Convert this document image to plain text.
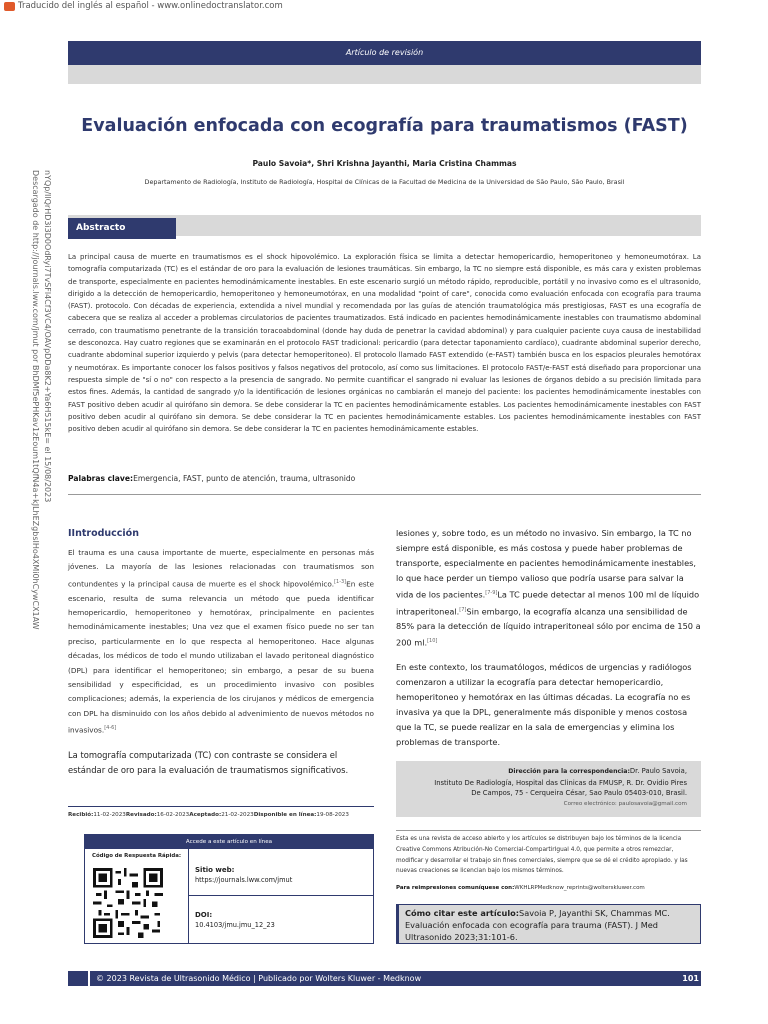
Traducido del inglés al español - www.onlinedoctranslator.com
Descargado de http://journals.lww.com/jmut por BhDMf5ePHKav1zEoum1tQfN4a+kJLhEZgbsIHo4XMi0hCywCX1AW nYQp/IlQrHD3i3D0OdRyi7TvSFl4Cf3VC4/OAVpDDa8K2+Ya6H515kE= el 15/08/2023
Artículo de revisión
Evaluación enfocada con ecografía para traumatismos (FAST)
Paulo Savoia*, Shri Krishna Jayanthi, Maria Cristina Chammas
Departamento de Radiología, Instituto de Radiología, Hospital de Clínicas de la Facultad de Medicina de la Universidad de São Paulo, São Paulo, Brasil
Abstracto

La principal causa de muerte en traumatismos es el shock hipovolémico. La exploración física se limita a detectar hemopericardio, hemoperitoneo y hemoneumotórax. La tomografía computarizada (TC) es el estándar de oro para la evaluación de lesiones traumáticas. Sin embargo, la TC no siempre está disponible, es más cara y existen problemas de transporte, especialmente en pacientes hemodinámicamente inestables. En este escenario surgió un método rápido, reproducible, portátil y no invasivo como es el ultrasonido, dirigido a la detección de hemopericardio, hemoperitoneo y hemoneumotórax, en una modalidad "point of care", conocida como evaluación enfocada con ecografía para trauma (FAST). protocolo. Con décadas de experiencia, extendida a nivel mundial y recomendada por las guías de atención traumatológica más prestigiosas, FAST es una ecografía de cabecera que se realiza al acceder a problemas circulatorios de pacientes traumatizados. Está indicado en pacientes hemodinámicamente inestables con traumatismo abdominal cerrado, con traumatismo penetrante de la transición toracoabdominal (donde hay duda de penetrar la cavidad abdominal) y para cualquier paciente cuya causa de inestabilidad se desconozca. Hay cuatro regiones que se examinarán en el protocolo FAST tradicional: pericardio (para detectar taponamiento cardíaco), cuadrante abdominal superior derecho, cuadrante abdominal superior izquierdo y pelvis (para detectar hemoperitoneo). El protocolo llamado FAST extendido (e-FAST) también busca en los espacios pleurales hemotórax y neumotórax. Es importante conocer los falsos positivos y falsos negativos del protocolo, así como sus limitaciones. El protocolo FAST/e-FAST está diseñado para proporcionar una respuesta simple de "sí o no" con respecto a la presencia de sangrado. No permite cuantificar el sangrado ni evaluar las lesiones de órganos debido a su precisión limitada para estos fines. Además, la cantidad de sangrado y/o la identificación de lesiones orgánicas no cambiarán el manejo del paciente: los pacientes hemodinámicamente inestables con FAST positivo deben acudir al quirófano sin demora. Se debe considerar la TC en pacientes hemodinámicamente estables. Los pacientes hemodinámicamente inestables con FAST positivo deben acudir al quirófano sin demora. Se debe considerar la TC en pacientes hemodinámicamente estables. Los pacientes hemodinámicamente inestables con FAST positivo deben acudir al quirófano sin demora. Se debe considerar la TC en pacientes hemodinámicamente estables.

Palabras clave:Emergencia, FAST, punto de atención, trauma, ultrasonido
IIntroducción

El trauma es una causa importante de muerte, especialmente en personas más jóvenes. La mayoría de las lesiones relacionadas con traumatismos son contundentes y la principal causa de muerte es el shock hipovolémico.[1-3]En este escenario, resulta de suma relevancia un método que pueda identificar hemopericardio, hemoperitoneo y hemotórax, principalmente en pacientes hemodinámicamente inestables; Una vez que el examen físico puede no ser tan preciso, particularmente en lo que respecta al hemoperitoneo. Hace algunas décadas, los médicos de todo el mundo utilizaban el lavado peritoneal diagnóstico (DPL) para identificar el hemoperitoneo; sin embargo, a pesar de su buena sensibilidad y especificidad, es un procedimiento invasivo con posibles complicaciones; además, la experiencia de los cirujanos y médicos de emergencia con DPL ha disminuido con los años debido al advenimiento de nuevos métodos no invasivos.[4-6]

La tomografía computarizada (TC) con contraste se considera el estándar de oro para la evaluación de traumatismos significativos.

lesiones y, sobre todo, es un método no invasivo. Sin embargo, la TC no siempre está disponible, es más costosa y puede haber problemas de transporte, especialmente en pacientes hemodinámicamente inestables, lo que hace perder un tiempo valioso que podría usarse para salvar la vida de los pacientes.[7-9]La TC puede detectar al menos 100 ml de líquido intraperitoneal.[7]Sin embargo, la ecografía alcanza una sensibilidad de 85% para la detección de líquido intraperitoneal sólo por encima de 150 a 200 ml.[10]

En este contexto, los traumatólogos, médicos de urgencias y radiólogos comenzaron a utilizar la ecografía para detectar hemopericardio, hemoperitoneo y hemotórax en las últimas décadas. La ecografía no es invasiva ya que la DPL, generalmente más disponible y menos costosa que la TC, se puede realizar en la sala de emergencias y elimina los problemas de transporte.

Dirección para la correspondencia:Dr. Paulo Savoia,
Instituto De Radiología, Hospital das Clinicas da FMUSP, R. Dr. Ovidio Pires
De Campos, 75 - Cerqueira César, Sao Paulo 05403-010, Brasil.
Correo electrónico: paulosavoia@gmail.com
Recibió:11-02-2023Revisado:16-02-2023Aceptado:21-02-2023Disponible en línea:19-08-2023
Accede a este artículo en línea
Código de Respuesta Rápida:
Sitio web:
https://journals.lww.com/jmut
DOI:
10.4103/jmu.jmu_12_23

Esta es una revista de acceso abierto y los artículos se distribuyen bajo los términos de la licencia Creative Commons Atribución-No Comercial-CompartirIgual 4.0, que permite a otros remezclar, modificar y desarrollar el trabajo sin fines comerciales, siempre que se dé el crédito apropiado. y las nuevas creaciones se licencian bajo los mismos términos.

Para reimpresiones comuníquese con:WKHLRPMedknow_reprints@wolterskluwer.com
Cómo citar este artículo:Savoia P, Jayanthi SK, Chammas MC. Evaluación enfocada con ecografía para trauma (FAST). J Med Ultrasonido 2023;31:101-6.
© 2023 Revista de Ultrasonido Médico | Publicado por Wolters Kluwer - Medknow	101
